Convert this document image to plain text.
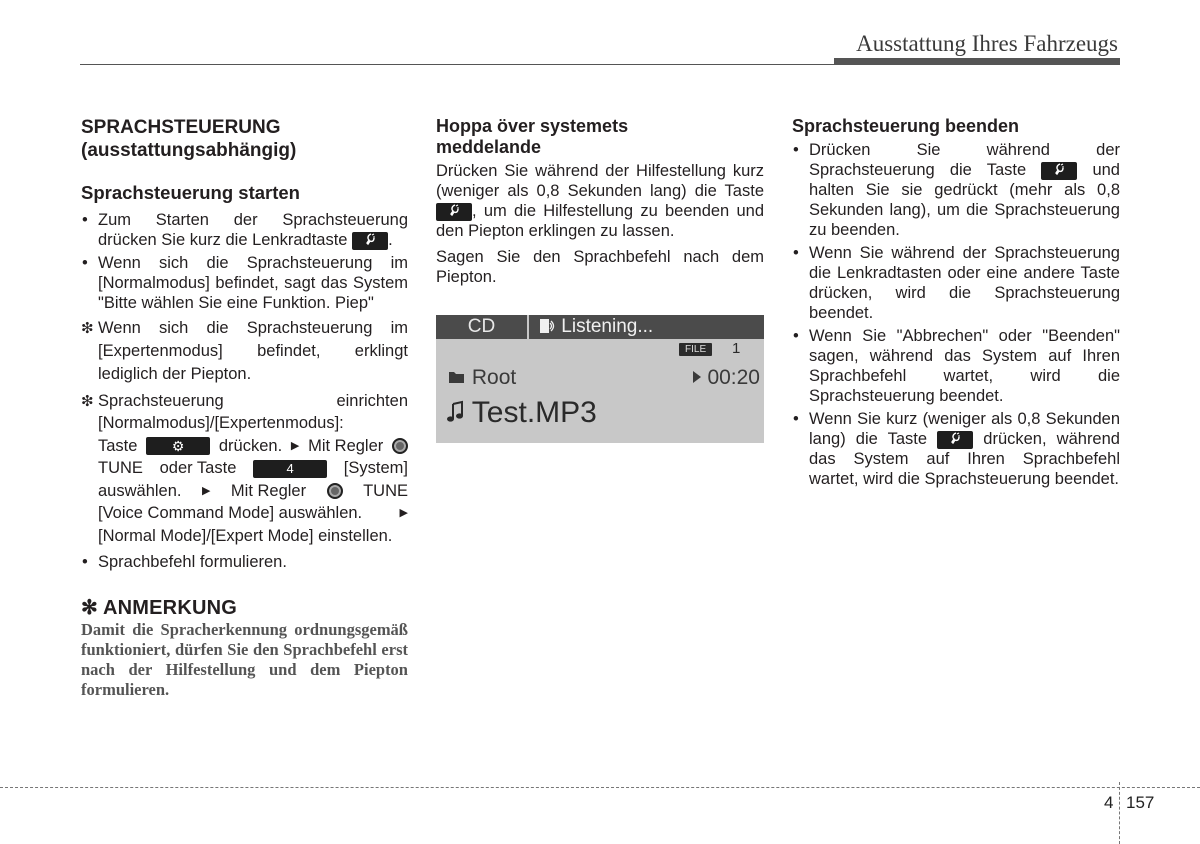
Ausstattung Ihres Fahrzeugs
SPRACHSTEUERUNG
(ausstattungsabhängig)
Sprachsteuerung starten
• Zum Starten der Sprachsteuerung drücken Sie kurz die Lenkradtaste .
• Wenn sich die Sprachsteuerung im [Normalmodus] befindet, sagt das System "Bitte wählen Sie eine Funktion. Piep"
❇ Wenn sich die Sprachsteuerung im [Expertenmodus] befindet, erklingt lediglich der Piepton.
❇ Sprachsteuerung	einrichten
[Normalmodus]/[Expertenmodus]:
Taste	⚙	drücken. ▶ Mit Regler
TUNE oder Taste	4	[System]
auswählen. ▶ Mit Regler	TUNE
[Voice Command Mode] auswählen.	▶
[Normal Mode]/[Expert Mode] einstellen.
• Sprachbefehl formulieren.
✻ ANMERKUNG
Damit die Spracherkennung ordnungsgemäß funktioniert, dürfen Sie den Sprachbefehl erst nach der Hilfestellung und dem Piepton formulieren.
Hoppa över systemets
meddelande

Drücken Sie während der Hilfestellung kurz (weniger als 0,8 Sekunden lang) die Taste , um die Hilfestellung zu beenden und den Piepton erklingen zu lassen.

Sagen Sie den Sprachbefehl nach dem Piepton.

CD	Listening...
FILE	1
Root	00:20
Test.MP3
Sprachsteuerung beenden
• Drücken Sie während der Sprachsteuerung die Taste	und halten Sie sie gedrückt (mehr als 0,8 Sekunden lang), um die Sprachsteuerung zu beenden.
• Wenn Sie während der Sprachsteuerung die Lenkradtasten oder eine andere Taste drücken, wird die Sprachsteuerung beendet.
• Wenn Sie "Abbrechen" oder "Beenden" sagen, während das System auf Ihren Sprachbefehl wartet, wird die Sprachsteuerung beendet.
• Wenn Sie kurz (weniger als 0,8 Sekunden lang) die Taste	drücken, während das System auf Ihren Sprachbefehl wartet, wird die Sprachsteuerung beendet.
4 157
